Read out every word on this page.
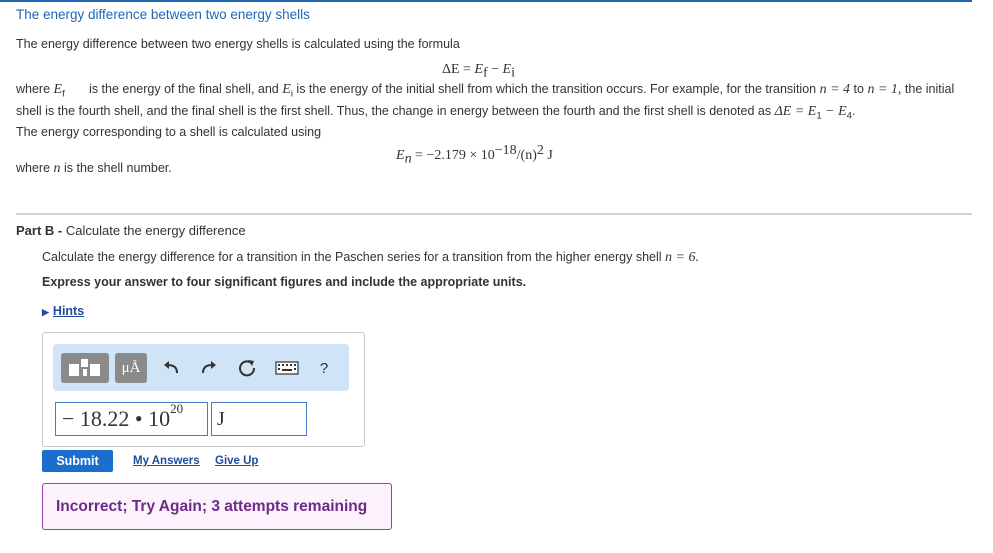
The energy difference between two energy shells
The energy difference between two energy shells is calculated using the formula
$\Delta E = E_f - E_i$
where $E_f$ is the energy of the final shell, and $E_i$ is the energy of the initial shell from which the transition occurs. For example, for the transition n = 4 to n = 1, the initial shell is the fourth shell, and the final shell is the first shell. Thus, the change in energy between the fourth and the first shell is denoted as $\Delta E = E_1 - E_4$.
The energy corresponding to a shell is calculated using
$E_n = -2.179 \times 10^{-18}/(n)^2$ J
where n is the shell number.
Part B - Calculate the energy difference
Calculate the energy difference for a transition in the Paschen series for a transition from the higher energy shell n = 6.
Express your answer to four significant figures and include the appropriate units.
▶ Hints
μÅ	?
− 18.22 • $10^{20}$	J
Submit	My Answers Give Up
Incorrect; Try Again; 3 attempts remaining
